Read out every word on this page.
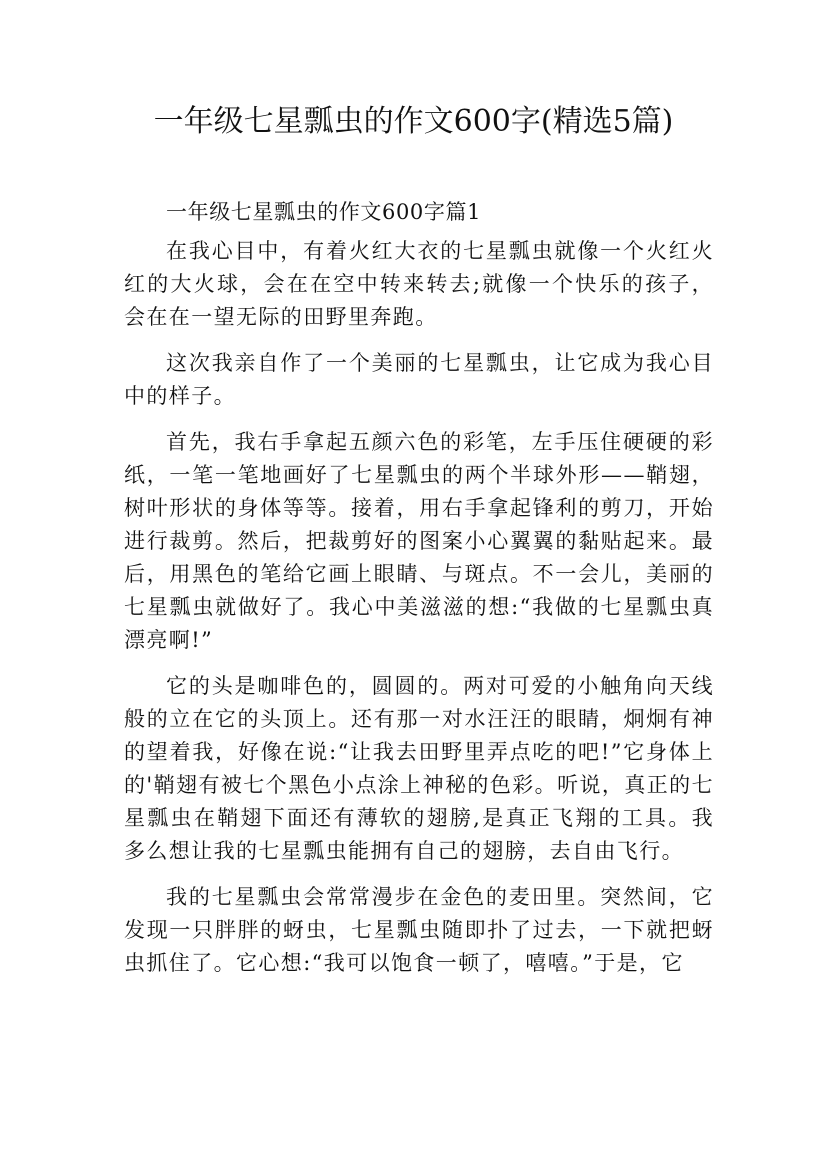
一年级七星瓢虫的作文600字(精选5篇)

一年级七星瓢虫的作文600字篇1

在我心目中，有着火红大衣的七星瓢虫就像一个火红火红的大火球，会在在空中转来转去;就像一个快乐的孩子，会在在一望无际的田野里奔跑。

这次我亲自作了一个美丽的七星瓢虫，让它成为我心目中的样子。

首先，我右手拿起五颜六色的彩笔，左手压住硬硬的彩纸，一笔一笔地画好了七星瓢虫的两个半球外形——鞘翅，树叶形状的身体等等。接着，用右手拿起锋利的剪刀，开始进行裁剪。然后，把裁剪好的图案小心翼翼的黏贴起来。最后，用黑色的笔给它画上眼睛、与斑点。不一会儿，美丽的七星瓢虫就做好了。我心中美滋滋的想:“我做的七星瓢虫真漂亮啊!”

它的头是咖啡色的，圆圆的。两对可爱的小触角向天线般的立在它的头顶上。还有那一对水汪汪的眼睛，炯炯有神的望着我，好像在说:“让我去田野里弄点吃的吧!”它身体上的'鞘翅有被七个黑色小点涂上神秘的色彩。听说，真正的七星瓢虫在鞘翅下面还有薄软的翅膀,是真正飞翔的工具。我多么想让我的七星瓢虫能拥有自己的翅膀，去自由飞行。

我的七星瓢虫会常常漫步在金色的麦田里。突然间，它发现一只胖胖的蚜虫，七星瓢虫随即扑了过去，一下就把蚜虫抓住了。它心想:“我可以饱食一顿了，嘻嘻。”于是，它
